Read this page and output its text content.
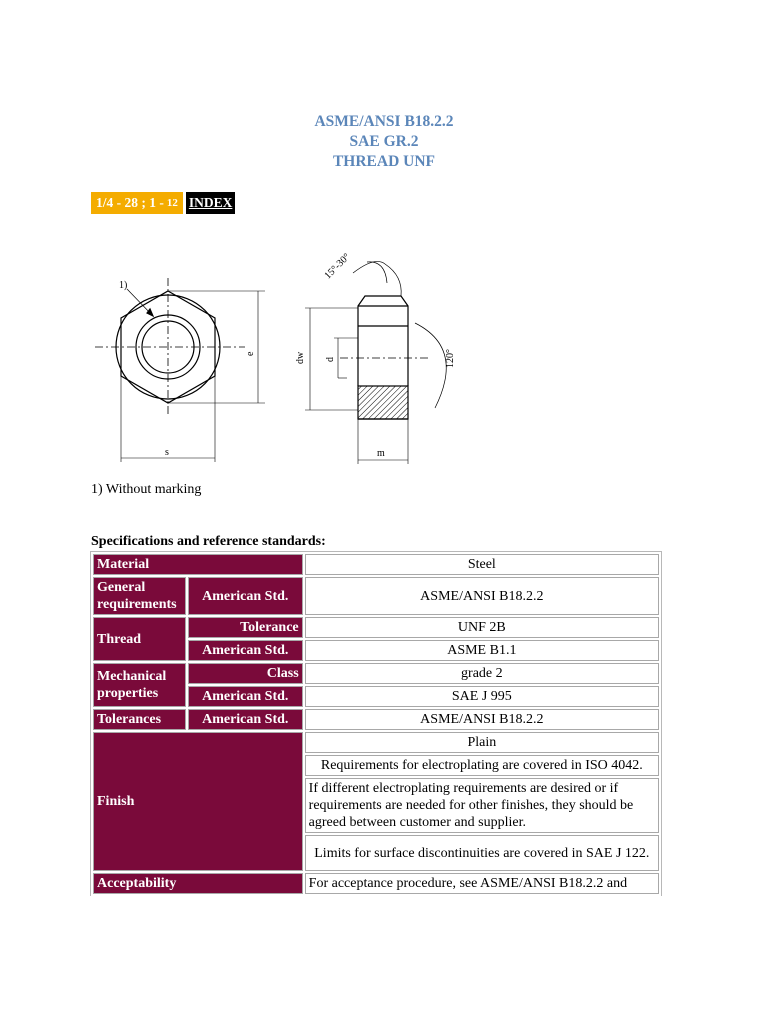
ASME/ANSI B18.2.2
SAE GR.2
THREAD UNF
1/4 - 28 ; 1 - 12 INDEX
1)
e
s
15°-30°
120°
dw d
m
1) Without marking
Specifications and reference standards:
Material		Steel
General requirements	American Std.	ASME/ANSI B18.2.2
Thread	Tolerance	UNF 2B
	American Std.	ASME B1.1
Mechanical properties	Class	grade 2
	American Std.	SAE J 995
Tolerances	American Std.	ASME/ANSI B18.2.2
Finish		Plain
		Requirements for electroplating are covered in ISO 4042.
		If different electroplating requirements are desired or if requirements are needed for other finishes, they should be agreed between customer and supplier.
		Limits for surface discontinuities are covered in SAE J 122.
Acceptability		For acceptance procedure, see ASME/ANSI B18.2.2 and
